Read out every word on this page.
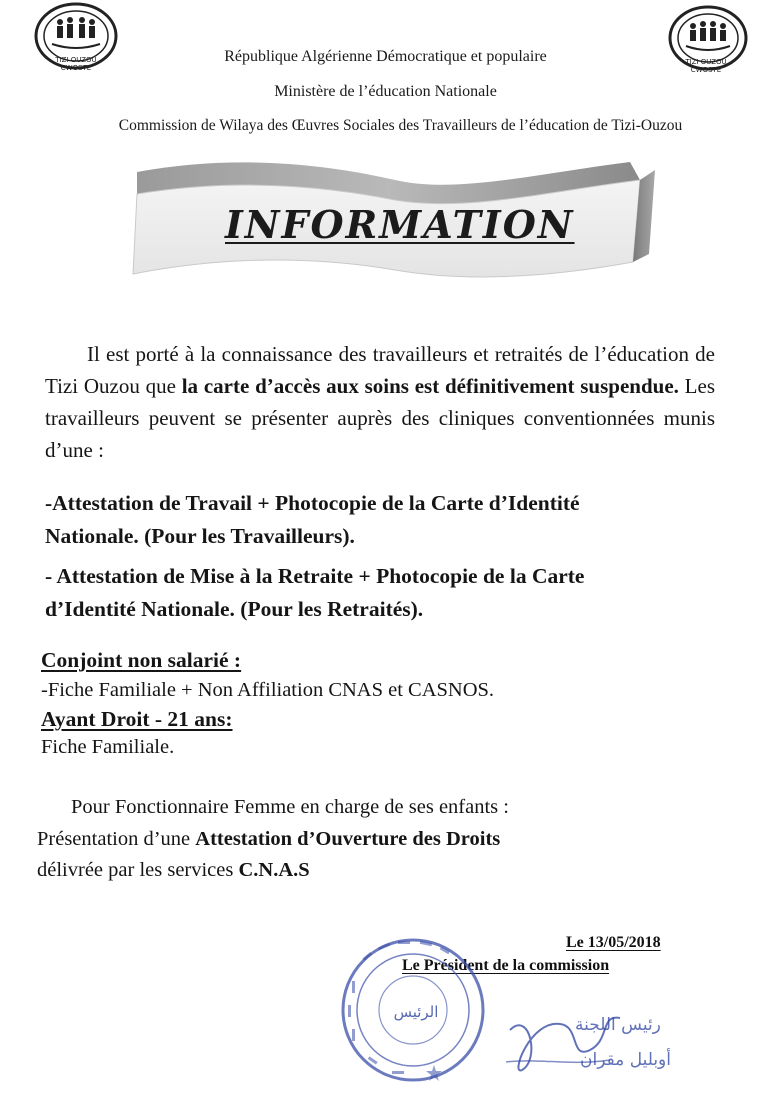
TIZI OUZOU CWOSTE
TIZI OUZOU CWOSTE
République Algérienne Démocratique et populaire
Ministère de l’éducation Nationale
Commission de Wilaya des Œuvres Sociales des Travailleurs de l’éducation de Tizi-Ouzou
INFORMATION
Il est porté à la connaissance des travailleurs et retraités de l’éducation de Tizi Ouzou que la carte d’accès aux soins est définitivement suspendue. Les travailleurs peuvent se présenter auprès des cliniques conventionnées munis d’une :
-Attestation de Travail + Photocopie de la Carte d’Identité
Nationale. (Pour les Travailleurs).
- Attestation de Mise à la Retraite + Photocopie de la Carte
d’Identité Nationale. (Pour les Retraités).
Conjoint non salarié :
-Fiche Familiale + Non Affiliation CNAS et CASNOS.
Ayant Droit - 21 ans:
Fiche Familiale.
Pour Fonctionnaire Femme en charge de ses enfants :
Présentation d’une Attestation d’Ouverture des Droits
délivrée par les services C.N.A.S
Le 13/05/2018
Le Président de la commission
الرئيس
رئيس اللجنة
أوبليل مقران
